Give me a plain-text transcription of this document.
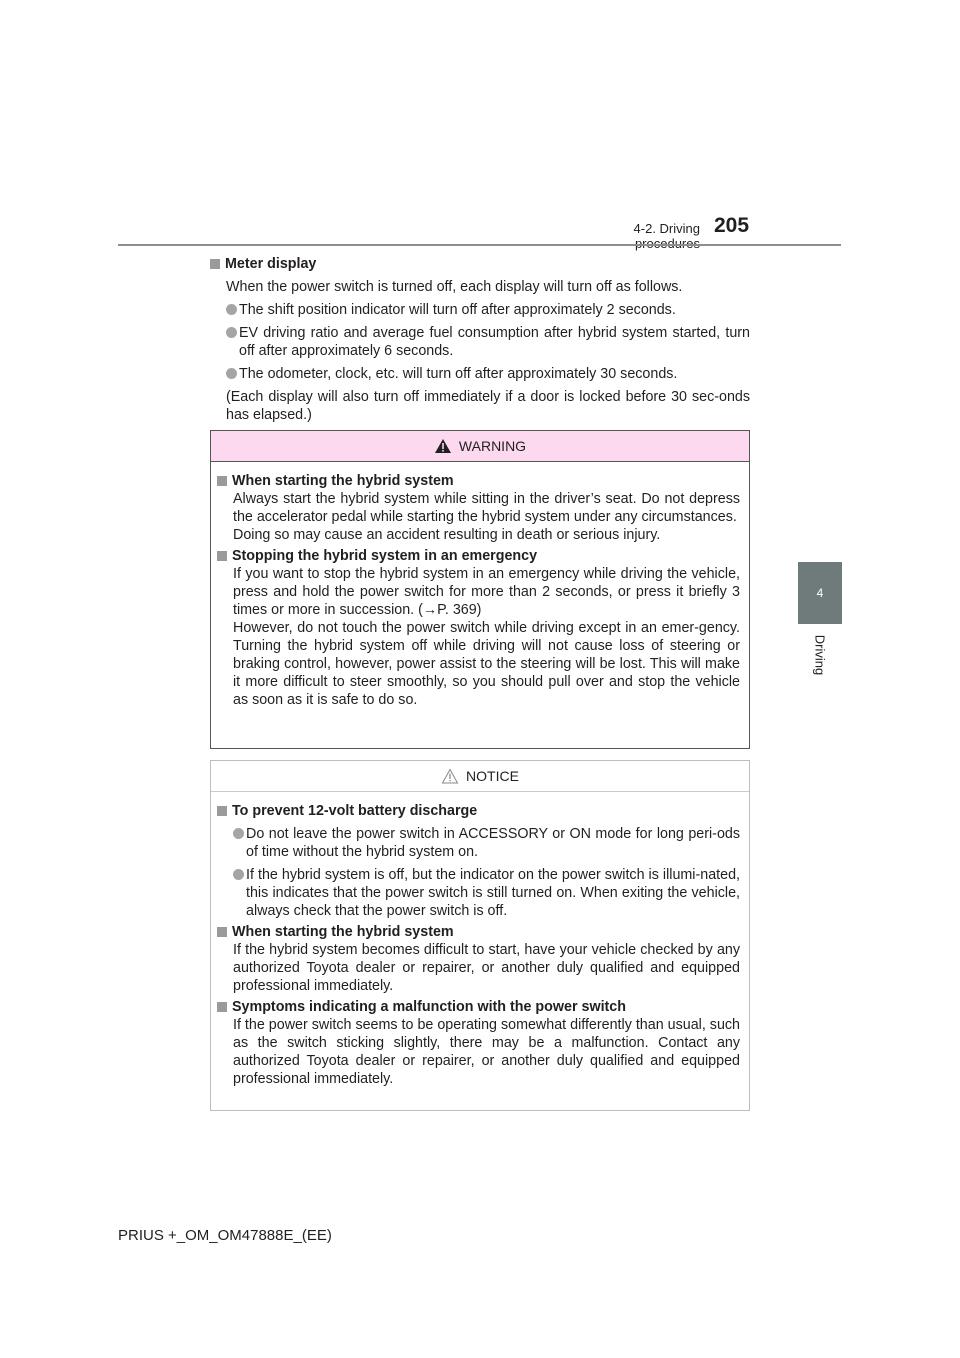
4-2. Driving 205
4
Driving
Meter display
When the power switch is turned off, each display will turn off as follows.
The shift position indicator will turn off after approximately 2 seconds.
EV driving ratio and average fuel consumption after hybrid system started, turn off after approximately 6 seconds.
The odometer, clock, etc. will turn off after approximately 30 seconds.
(Each display will also turn off immediately if a door is locked before 30 sec-onds has elapsed.)
WARNING
When starting the hybrid system
Always start the hybrid system while sitting in the driver’s seat. Do not depress the accelerator pedal while starting the hybrid system under any circumstances.
Doing so may cause an accident resulting in death or serious injury.
Stopping the hybrid system in an emergency
If you want to stop the hybrid system in an emergency while driving the vehicle, press and hold the power switch for more than 2 seconds, or press it briefly 3 times or more in succession. (→P. 369)
However, do not touch the power switch while driving except in an emer-gency. Turning the hybrid system off while driving will not cause loss of steering or braking control, however, power assist to the steering will be lost. This will make it more difficult to steer smoothly, so you should pull over and stop the vehicle as soon as it is safe to do so.
NOTICE
To prevent 12-volt battery discharge
Do not leave the power switch in ACCESSORY or ON mode for long peri-ods of time without the hybrid system on.
If the hybrid system is off, but the indicator on the power switch is illumi-nated, this indicates that the power switch is still turned on. When exiting the vehicle, always check that the power switch is off.
When starting the hybrid system
If the hybrid system becomes difficult to start, have your vehicle checked by any authorized Toyota dealer or repairer, or another duly qualified and equipped professional immediately.
Symptoms indicating a malfunction with the power switch
If the power switch seems to be operating somewhat differently than usual, such as the switch sticking slightly, there may be a malfunction. Contact any authorized Toyota dealer or repairer, or another duly qualified and equipped professional immediately.
PRIUS +_OM_OM47888E_(EE)
